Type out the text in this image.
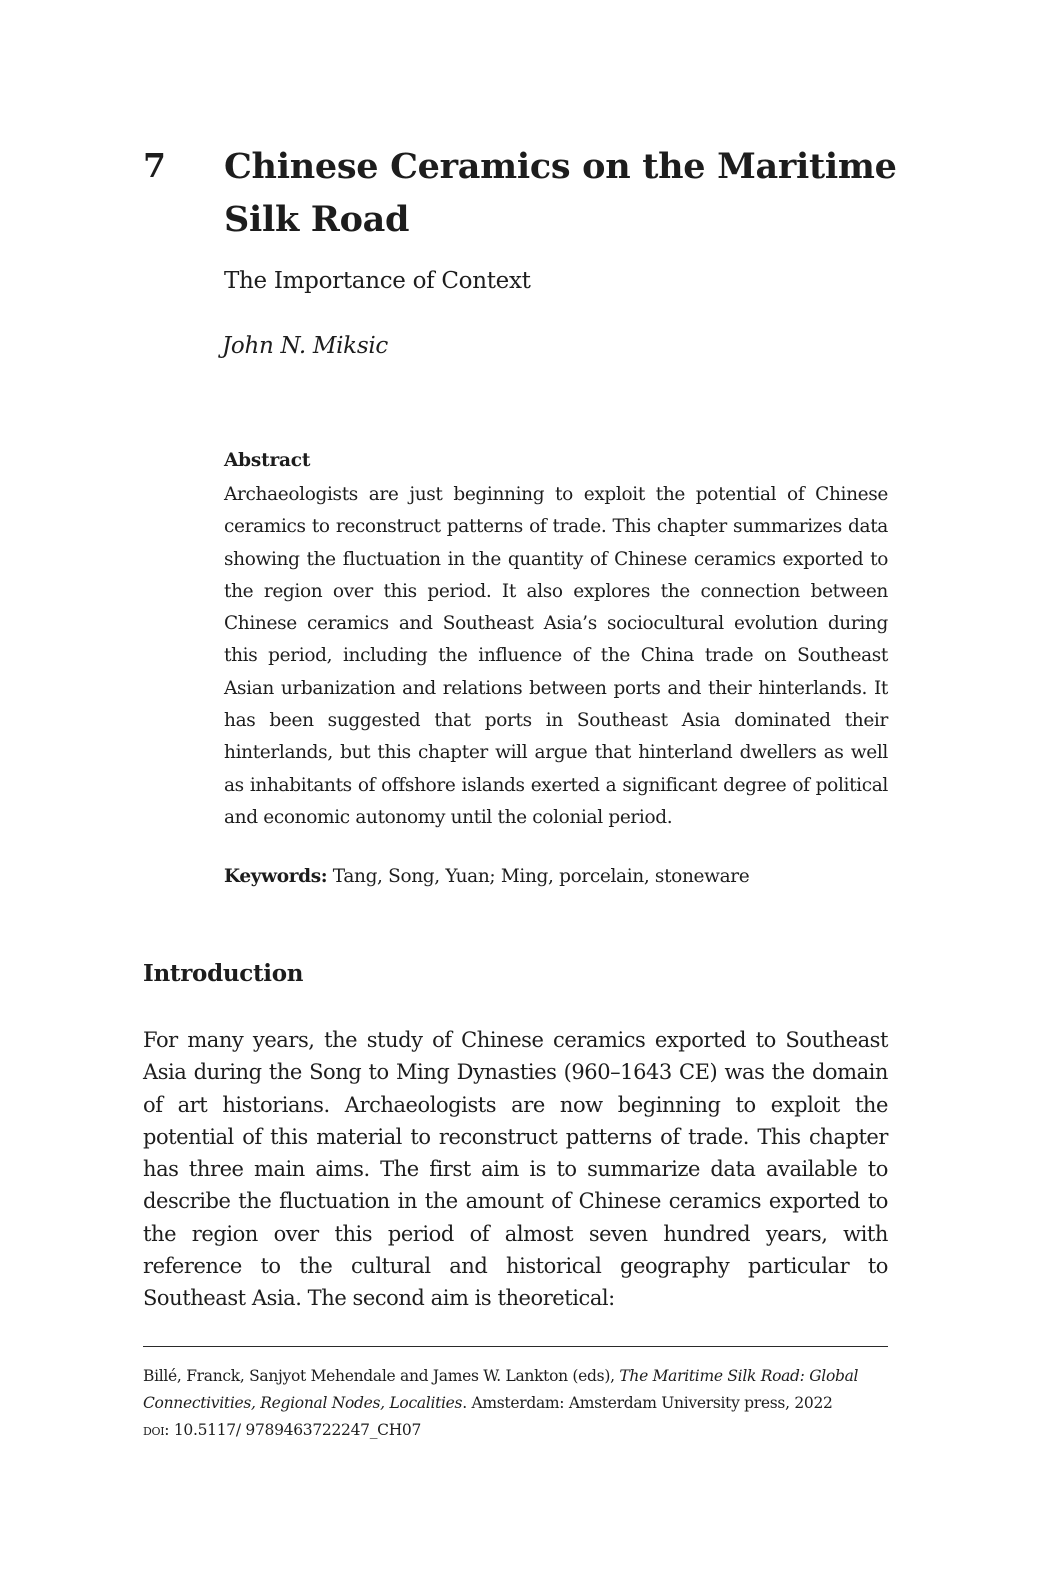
7 Chinese Ceramics on the Maritime Silk Road
The Importance of Context
John N. Miksic
Abstract

Archaeologists are just beginning to exploit the potential of Chinese ceramics to reconstruct patterns of trade. This chapter summarizes data showing the fluctuation in the quantity of Chinese ceramics exported to the region over this period. It also explores the connection between Chinese ceramics and Southeast Asia’s sociocultural evolution during this period, including the influence of the China trade on Southeast Asian urbanization and relations between ports and their hinterlands. It has been suggested that ports in Southeast Asia dominated their hinterlands, but this chapter will argue that hinterland dwellers as well as inhabitants of offshore islands exerted a significant degree of political and economic autonomy until the colonial period.

Keywords: Tang, Song, Yuan; Ming, porcelain, stoneware

Introduction

For many years, the study of Chinese ceramics exported to Southeast Asia during the Song to Ming Dynasties (960–1643 CE) was the domain of art historians. Archaeologists are now beginning to exploit the potential of this material to reconstruct patterns of trade. This chapter has three main aims. The first aim is to summarize data available to describe the fluctuation in the amount of Chinese ceramics exported to the region over this period of almost seven hundred years, with reference to the cultural and historical geography particular to Southeast Asia. The second aim is theoretical:

Billé, Franck, Sanjyot Mehendale and James W. Lankton (eds), The Maritime Silk Road: Global
Connectivities, Regional Nodes, Localities. Amsterdam: Amsterdam University press, 2022
doi: 10.5117/ 9789463722247_CH07
